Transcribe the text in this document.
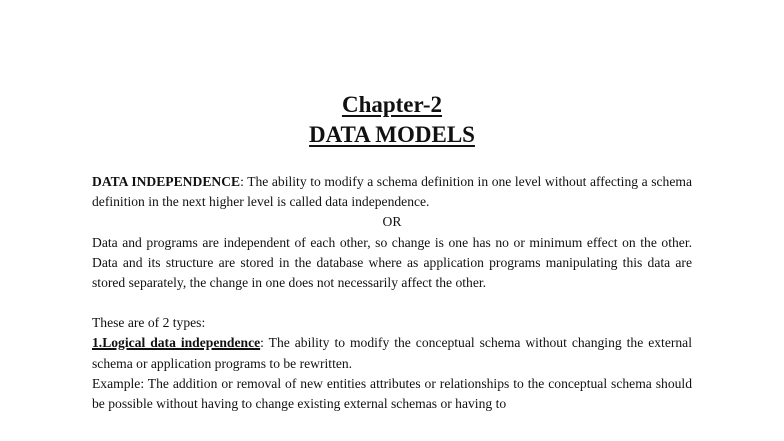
Chapter-2
DATA MODELS

DATA INDEPENDENCE: The ability to modify a schema definition in one level without affecting a schema definition in the next higher level is called data independence.

OR

Data and programs are independent of each other, so change is one has no or minimum effect on the other. Data and its structure are stored in the database where as application programs manipulating this data are stored separately, the change in one does not necessarily affect the other.

These are of 2 types:

1.Logical data independence: The ability to modify the conceptual schema without changing the external schema or application programs to be rewritten.

Example: The addition or removal of new entities attributes or relationships to the conceptual schema should be possible without having to change existing external schemas or having to
